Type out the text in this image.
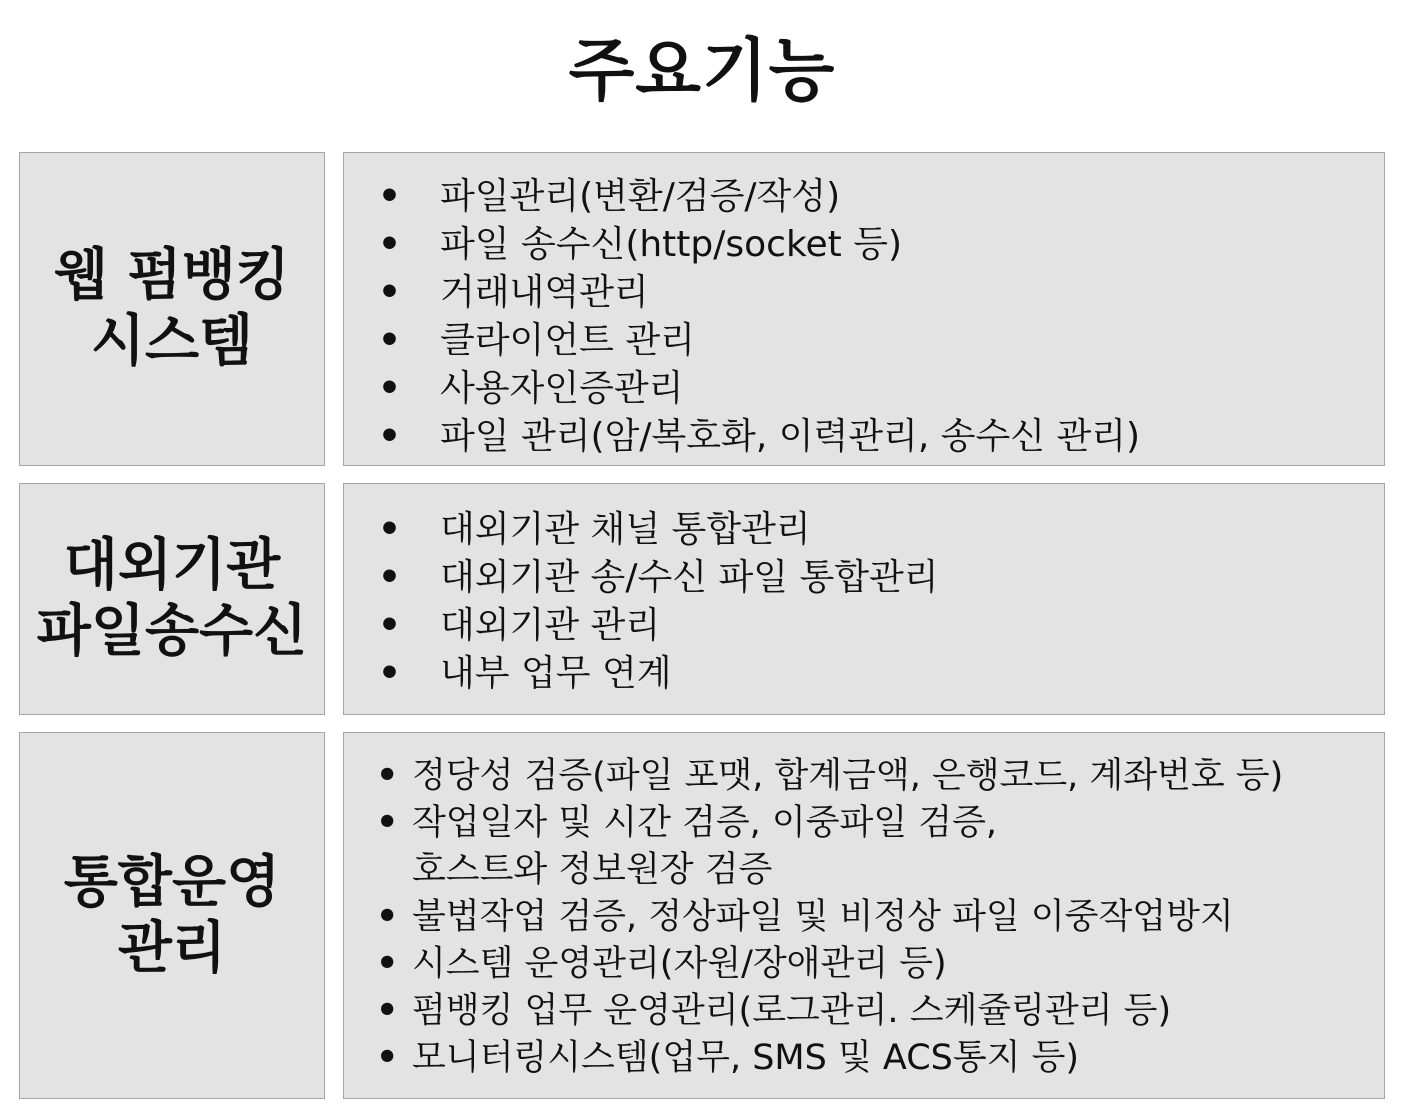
주요기능
웹 펌뱅킹
시스템
• 파일관리(변환/검증/작성)
• 파일 송수신(http/socket 등)
• 거래내역관리
• 클라이언트 관리
• 사용자인증관리
• 파일 관리(암/복호화, 이력관리, 송수신 관리)
대외기관
파일송수신
• 대외기관 채널 통합관리
• 대외기관 송/수신 파일 통합관리
• 대외기관 관리
• 내부 업무 연계
통합운영
관리
• 정당성 검증(파일 포맷, 합계금액, 은행코드, 계좌번호 등)
• 작업일자 및 시간 검증, 이중파일 검증,
호스트와 정보원장 검증
• 불법작업 검증, 정상파일 및 비정상 파일 이중작업방지
• 시스템 운영관리(자원/장애관리 등)
• 펌뱅킹 업무 운영관리(로그관리. 스케쥴링관리 등)
• 모니터링시스템(업무, SMS 및 ACS통지 등)
